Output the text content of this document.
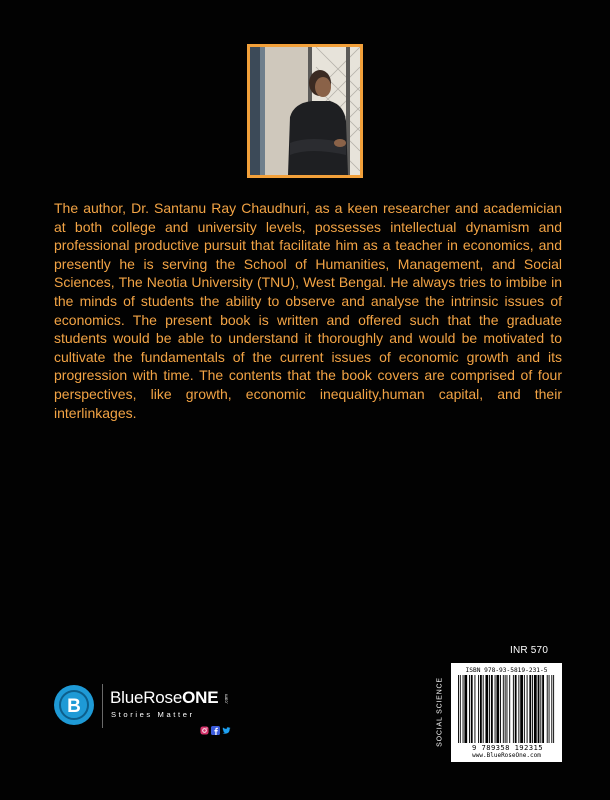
The author, Dr. Santanu Ray Chaudhuri, as a keen researcher and academician at both college and university levels, possesses intellectual dynamism and professional productive pursuit that facilitate him as a teacher in economics, and presently he is serving the School of Humanities, Management, and Social Sciences, The Neotia University (TNU), West Bengal. He always tries to imbibe in the minds of students the ability to observe and analyse the intrinsic issues of economics. The present book is written and offered such that the graduate students would be able to understand it thoroughly and would be motivated to cultivate the fundamentals of the current issues of economic growth and its progression with time. The contents that the book covers are comprised of four perspectives, like growth, economic inequality,human capital, and their interlinkages.

INR 570
SOCIAL SCIENCE
ISBN 978-93-5819-231-5
9 789358 192315
www.BlueRoseOne.com
B BlueRoseONE .com
Stories Matter
